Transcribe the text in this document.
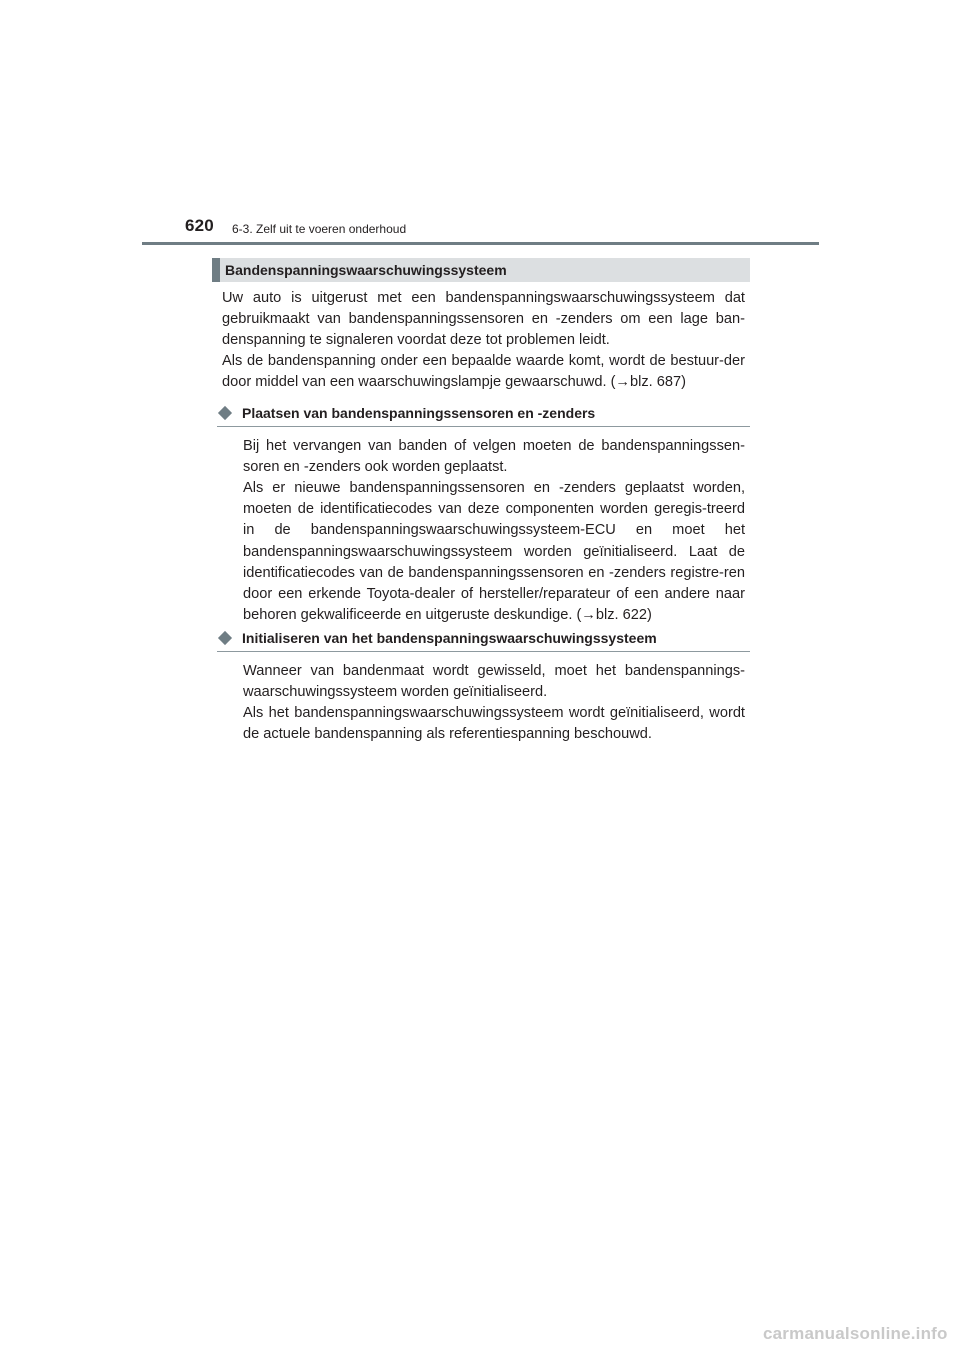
620 6-3. Zelf uit te voeren onderhoud
Bandenspanningswaarschuwingssysteem

Uw auto is uitgerust met een bandenspanningswaarschuwingssysteem dat gebruikmaakt van bandenspanningssensoren en -zenders om een lage ban-denspanning te signaleren voordat deze tot problemen leidt.

Als de bandenspanning onder een bepaalde waarde komt, wordt de bestuur-der door middel van een waarschuwingslampje gewaarschuwd. (→blz. 687)

Plaatsen van bandenspanningssensoren en -zenders

Bij het vervangen van banden of velgen moeten de bandenspanningssen-soren en -zenders ook worden geplaatst.

Als er nieuwe bandenspanningssensoren en -zenders geplaatst worden, moeten de identificatiecodes van deze componenten worden geregis-treerd in de bandenspanningswaarschuwingssysteem-ECU en moet het bandenspanningswaarschuwingssysteem worden geïnitialiseerd. Laat de identificatiecodes van de bandenspanningssensoren en -zenders registre-ren door een erkende Toyota-dealer of hersteller/reparateur of een andere naar behoren gekwalificeerde en uitgeruste deskundige. (→blz. 622)

Initialiseren van het bandenspanningswaarschuwingssysteem

Wanneer van bandenmaat wordt gewisseld, moet het bandenspannings-waarschuwingssysteem worden geïnitialiseerd.

Als het bandenspanningswaarschuwingssysteem wordt geïnitialiseerd, wordt de actuele bandenspanning als referentiespanning beschouwd.

carmanualsonline.info
